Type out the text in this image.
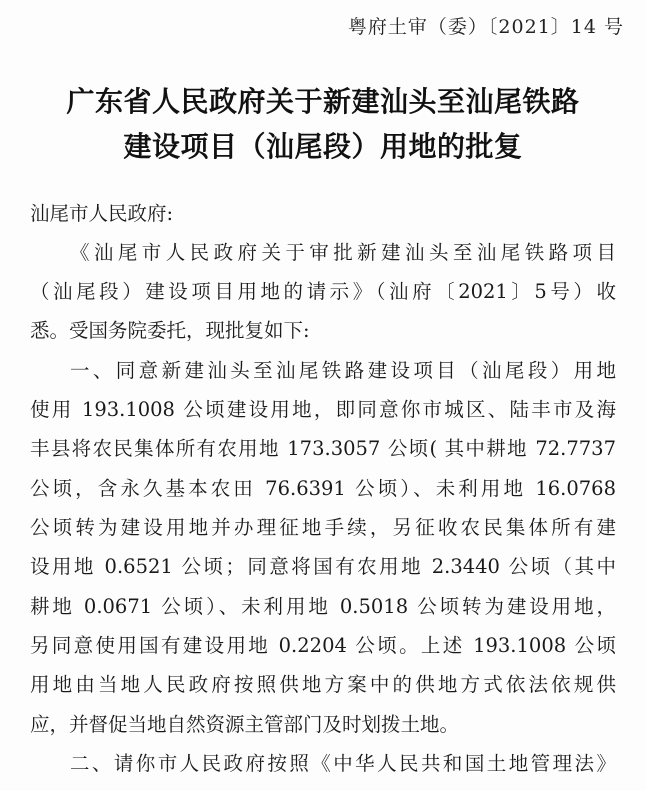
粤府土审（委）〔2021〕14 号
广东省人民政府关于新建汕头至汕尾铁路
建设项目（汕尾段）用地的批复
汕尾市人民政府:
《汕尾市人民政府关于审批新建汕头至汕尾铁路项目
（汕尾段）建设项目用地的请示》（汕府〔2021〕5号）收
悉。受国务院委托，现批复如下:
一、同意新建汕头至汕尾铁路建设项目（汕尾段）用地
使用 193.1008 公顷建设用地，即同意你市城区、陆丰市及海
丰县将农民集体所有农用地 173.3057 公顷( 其中耕地 72.7737
公顷，含永久基本农田 76.6391 公顷）、未利用地 16.0768
公顷转为建设用地并办理征地手续，另征收农民集体所有建
设用地 0.6521 公顷；同意将国有农用地 2.3440 公顷（其中
耕地 0.0671 公顷）、未利用地 0.5018 公顷转为建设用地，
另同意使用国有建设用地 0.2204 公顷。上述 193.1008 公顷
用地由当地人民政府按照供地方案中的供地方式依法依规供
应，并督促当地自然资源主管部门及时划拨土地。
二、请你市人民政府按照《中华人民共和国土地管理法》
